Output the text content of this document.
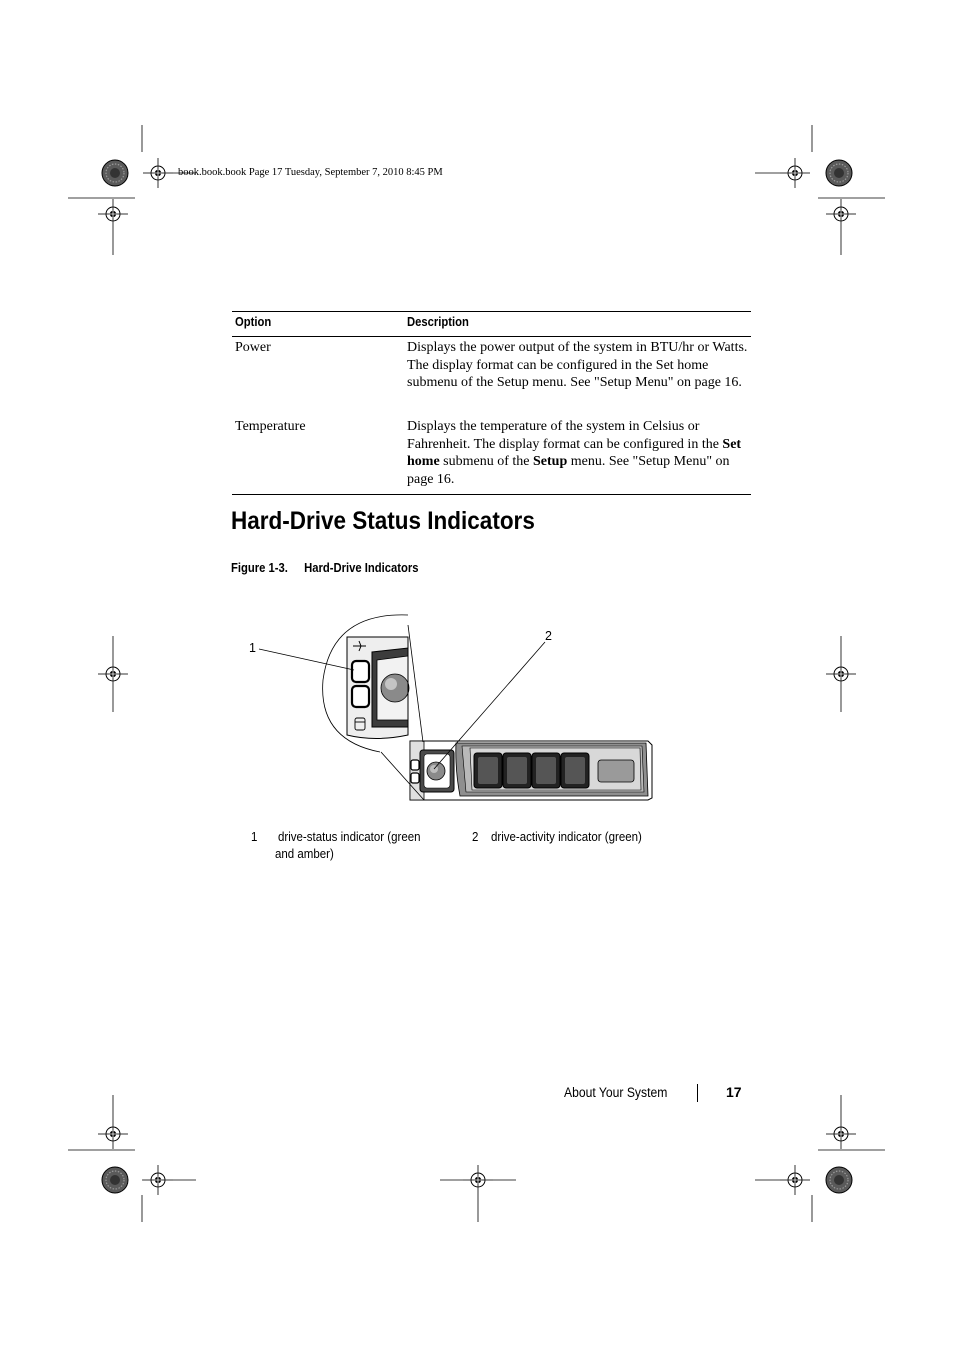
book.book.book Page 17 Tuesday, September 7, 2010 8:45 PM
Option	Description
Power	Displays the power output of the system in BTU/hr or Watts. The display format can be configured in the Set home submenu of the Setup menu. See "Setup Menu" on page 16.
Temperature	Displays the temperature of the system in Celsius or Fahrenheit. The display format can be configured in the Set home submenu of the Setup menu. See "Setup Menu" on page 16.
Hard-Drive Status Indicators
Figure 1-3. Hard-Drive Indicators
1
2
1 drive-status indicator (green
and amber)
2 drive-activity indicator (green)
About Your System	17
